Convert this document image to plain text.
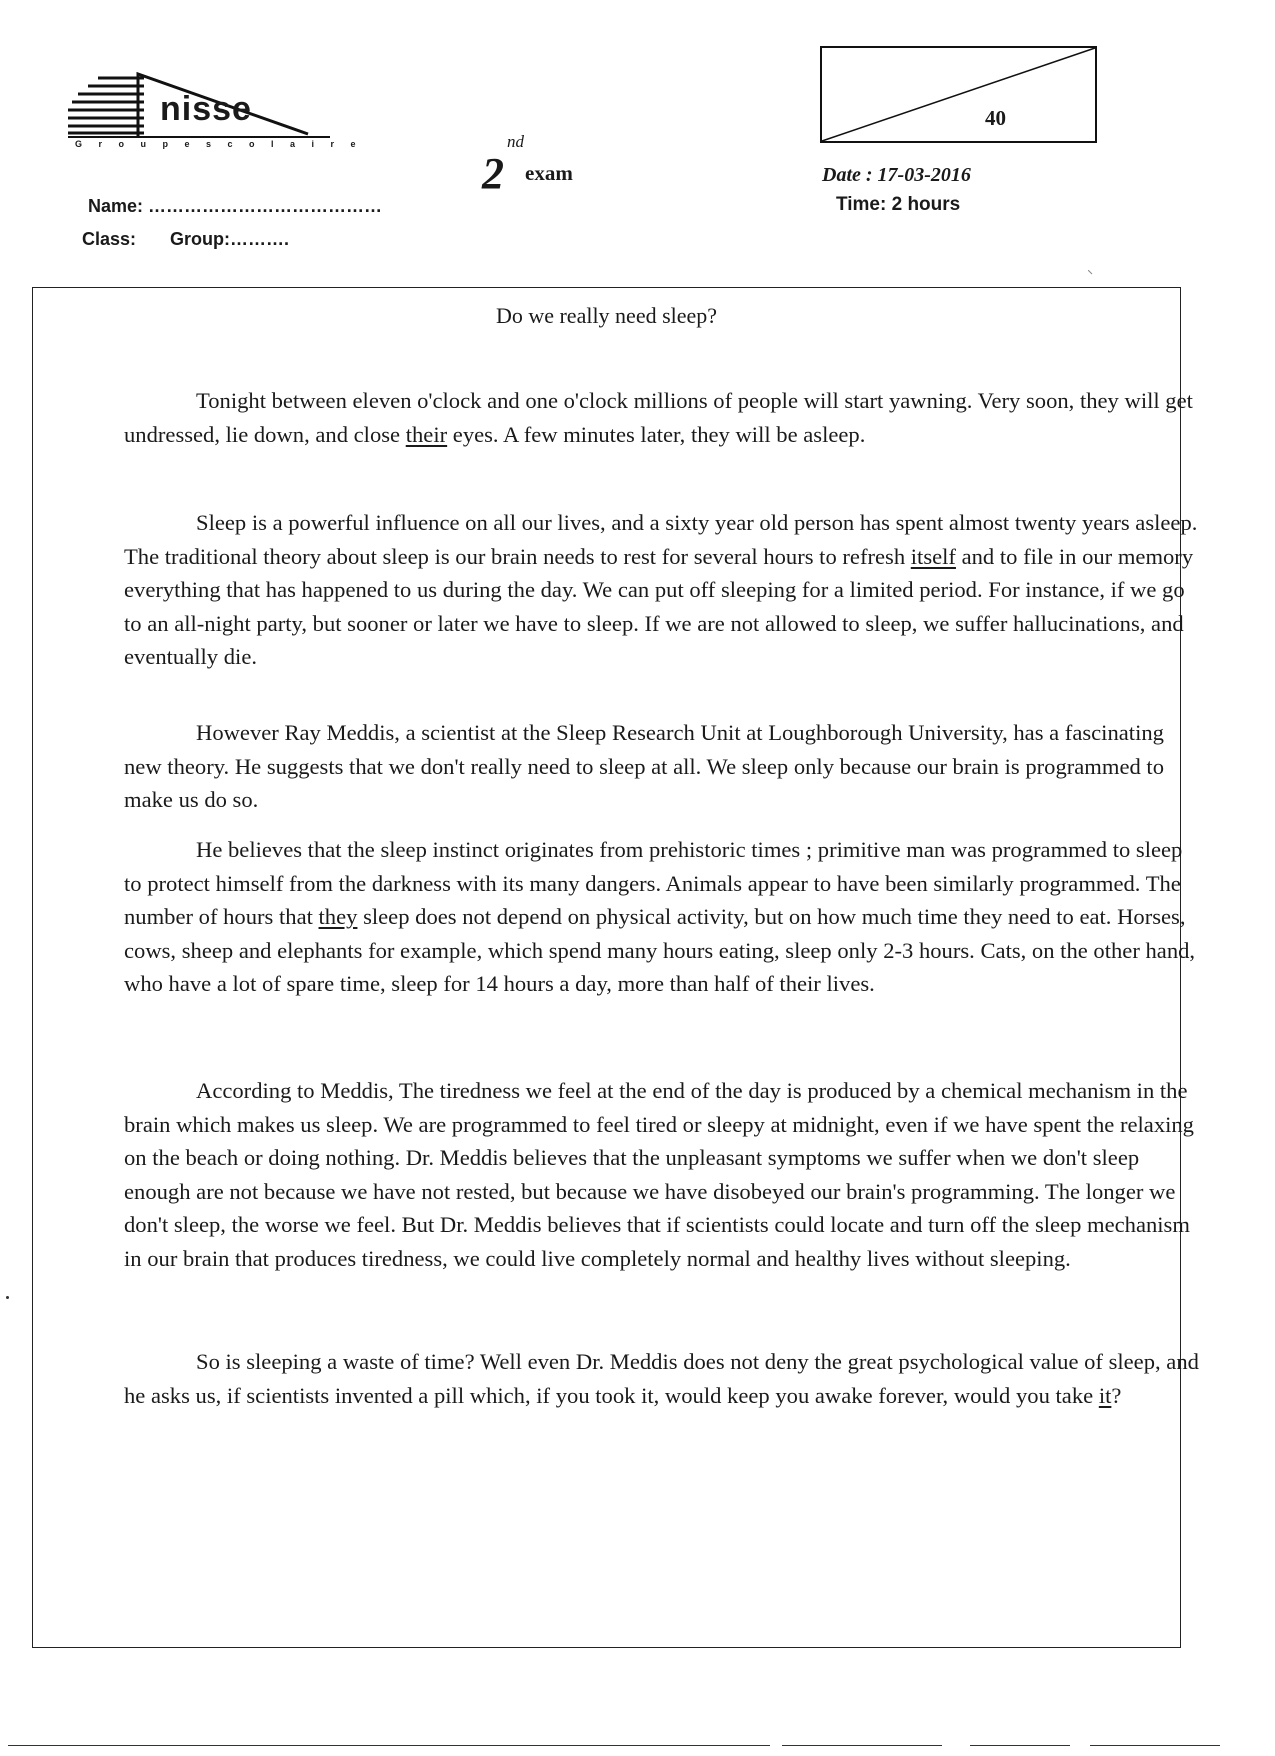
nisse
G r o u p e s c o l a i r e
2
nd
exam
40
Date : 17-03-2016
Time: 2 hours
Name: …………………………………
Class: Group:……….
Do we really need sleep?

Tonight between eleven o'clock and one o'clock millions of people will start yawning. Very soon, they will get undressed, lie down, and close their eyes. A few minutes later, they will be asleep.

Sleep is a powerful influence on all our lives, and a sixty year old person has spent almost twenty years asleep. The traditional theory about sleep is our brain needs to rest for several hours to refresh itself and to file in our memory everything that has happened to us during the day. We can put off sleeping for a limited period. For instance, if we go to an all-night party, but sooner or later we have to sleep. If we are not allowed to sleep, we suffer hallucinations, and eventually die.

However Ray Meddis, a scientist at the Sleep Research Unit at Loughborough University, has a fascinating new theory. He suggests that we don't really need to sleep at all. We sleep only because our brain is programmed to make us do so.

He believes that the sleep instinct originates from prehistoric times ; primitive man was programmed to sleep to protect himself from the darkness with its many dangers. Animals appear to have been similarly programmed. The number of hours that they sleep does not depend on physical activity, but on how much time they need to eat. Horses, cows, sheep and elephants for example, which spend many hours eating, sleep only 2-3 hours. Cats, on the other hand, who have a lot of spare time, sleep for 14 hours a day, more than half of their lives.

According to Meddis, The tiredness we feel at the end of the day is produced by a chemical mechanism in the brain which makes us sleep. We are programmed to feel tired or sleepy at midnight, even if we have spent the relaxing on the beach or doing nothing. Dr. Meddis believes that the unpleasant symptoms we suffer when we don't sleep enough are not because we have not rested, but because we have disobeyed our brain's programming. The longer we don't sleep, the worse we feel. But Dr. Meddis believes that if scientists could locate and turn off the sleep mechanism in our brain that produces tiredness, we could live completely normal and healthy lives without sleeping.

So is sleeping a waste of time? Well even Dr. Meddis does not deny the great psychological value of sleep, and he asks us, if scientists invented a pill which, if you took it, would keep you awake forever, would you take it?
